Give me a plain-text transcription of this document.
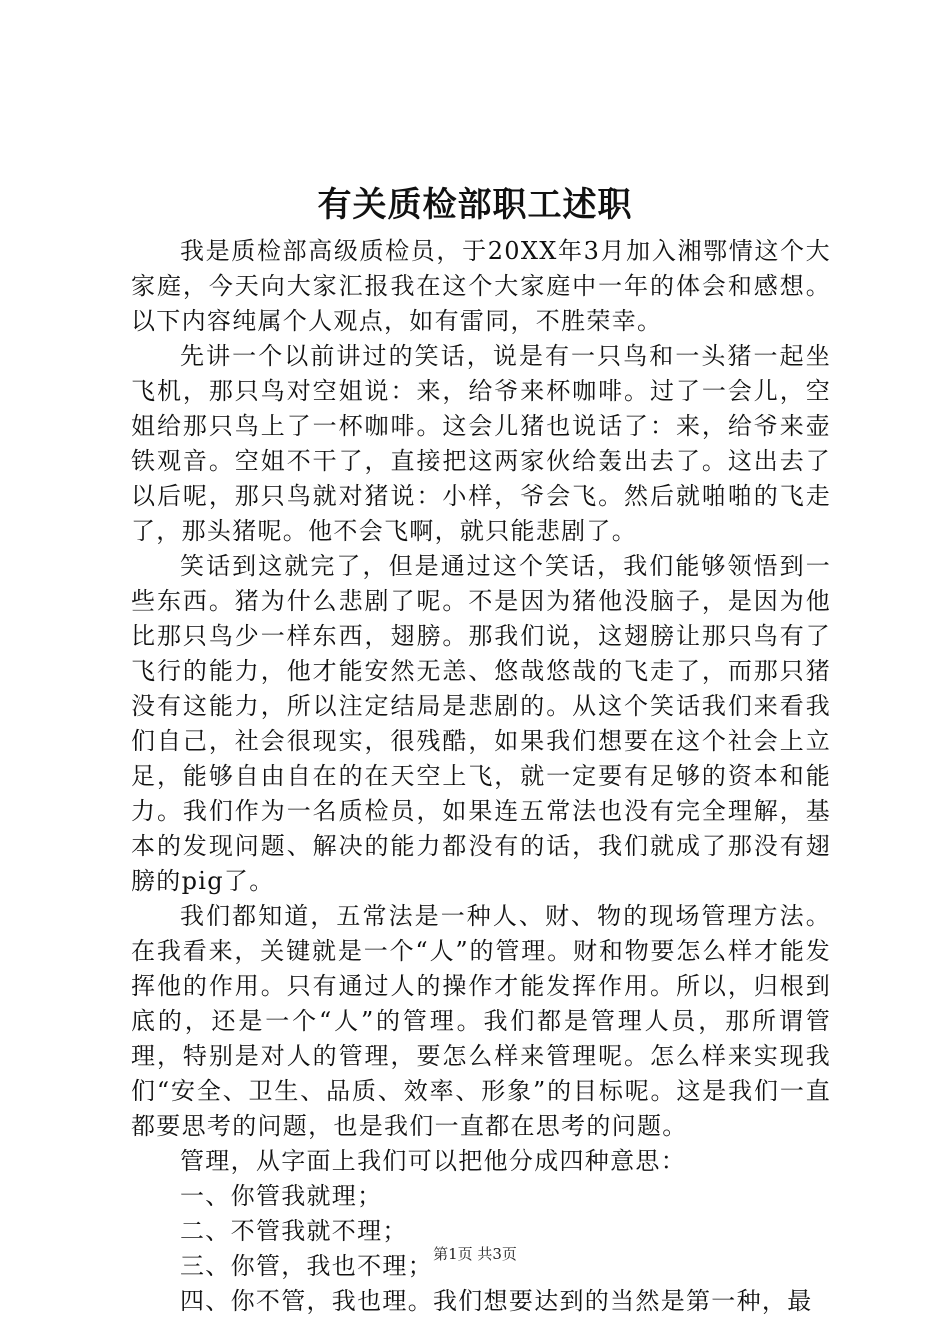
有关质检部职工述职

我是质检部高级质检员，于20XX年3月加入湘鄂情这个大家庭，今天向大家汇报我在这个大家庭中一年的体会和感想。以下内容纯属个人观点，如有雷同，不胜荣幸。

先讲一个以前讲过的笑话，说是有一只鸟和一头猪一起坐飞机，那只鸟对空姐说：来，给爷来杯咖啡。过了一会儿，空姐给那只鸟上了一杯咖啡。这会儿猪也说话了：来，给爷来壶铁观音。空姐不干了，直接把这两家伙给轰出去了。这出去了以后呢，那只鸟就对猪说：小样，爷会飞。然后就啪啪的飞走了，那头猪呢。他不会飞啊，就只能悲剧了。

笑话到这就完了，但是通过这个笑话，我们能够领悟到一些东西。猪为什么悲剧了呢。不是因为猪他没脑子，是因为他比那只鸟少一样东西，翅膀。那我们说，这翅膀让那只鸟有了飞行的能力，他才能安然无恙、悠哉悠哉的飞走了，而那只猪没有这能力，所以注定结局是悲剧的。从这个笑话我们来看我们自己，社会很现实，很残酷，如果我们想要在这个社会上立足，能够自由自在的在天空上飞，就一定要有足够的资本和能力。我们作为一名质检员，如果连五常法也没有完全理解，基本的发现问题、解决的能力都没有的话，我们就成了那没有翅膀的pig了。

我们都知道，五常法是一种人、财、物的现场管理方法。在我看来，关键就是一个“人”的管理。财和物要怎么样才能发挥他的作用。只有通过人的操作才能发挥作用。所以，归根到底的，还是一个“人”的管理。我们都是管理人员，那所谓管理，特别是对人的管理，要怎么样来管理呢。怎么样来实现我们“安全、卫生、品质、效率、形象”的目标呢。这是我们一直都要思考的问题，也是我们一直都在思考的问题。

管理，从字面上我们可以把他分成四种意思：

一、你管我就理；

二、不管我就不理；

三、你管，我也不理；

四、你不管，我也理。我们想要达到的当然是第一种，最

第1页 共3页
